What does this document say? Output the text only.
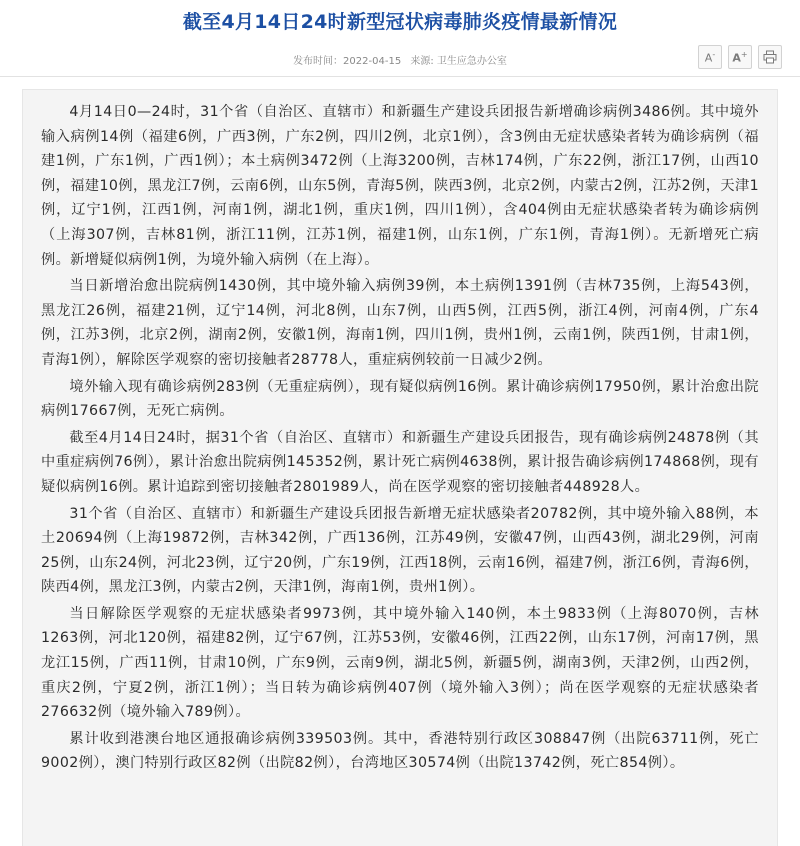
截至4月14日24时新型冠状病毒肺炎疫情最新情况
发布时间：2022-04-15 来源: 卫生应急办公室	A- A+

4月14日0—24时，31个省（自治区、直辖市）和新疆生产建设兵团报告新增确诊病例3486例。其中境外输入病例14例（福建6例，广西3例，广东2例，四川2例，北京1例），含3例由无症状感染者转为确诊病例（福建1例，广东1例，广西1例）；本土病例3472例（上海3200例，吉林174例，广东22例，浙江17例，山西10例，福建10例，黑龙江7例，云南6例，山东5例，青海5例，陕西3例，北京2例，内蒙古2例，江苏2例，天津1例，辽宁1例，江西1例，河南1例，湖北1例，重庆1例，四川1例），含404例由无症状感染者转为确诊病例（上海307例，吉林81例，浙江11例，江苏1例，福建1例，山东1例，广东1例，青海1例）。无新增死亡病例。新增疑似病例1例，为境外输入病例（在上海）。

当日新增治愈出院病例1430例，其中境外输入病例39例，本土病例1391例（吉林735例，上海543例，黑龙江26例，福建21例，辽宁14例，河北8例，山东7例，山西5例，江西5例，浙江4例，河南4例，广东4例，江苏3例，北京2例，湖南2例，安徽1例，海南1例，四川1例，贵州1例，云南1例，陕西1例，甘肃1例，青海1例），解除医学观察的密切接触者28778人，重症病例较前一日减少2例。

境外输入现有确诊病例283例（无重症病例），现有疑似病例16例。累计确诊病例17950例，累计治愈出院病例17667例，无死亡病例。

截至4月14日24时，据31个省（自治区、直辖市）和新疆生产建设兵团报告，现有确诊病例24878例（其中重症病例76例），累计治愈出院病例145352例，累计死亡病例4638例，累计报告确诊病例174868例，现有疑似病例16例。累计追踪到密切接触者2801989人，尚在医学观察的密切接触者448928人。

31个省（自治区、直辖市）和新疆生产建设兵团报告新增无症状感染者20782例，其中境外输入88例，本土20694例（上海19872例，吉林342例，广西136例，江苏49例，安徽47例，山西43例，湖北29例，河南25例，山东24例，河北23例，辽宁20例，广东19例，江西18例，云南16例，福建7例，浙江6例，青海6例，陕西4例，黑龙江3例，内蒙古2例，天津1例，海南1例，贵州1例）。

当日解除医学观察的无症状感染者9973例，其中境外输入140例，本土9833例（上海8070例，吉林1263例，河北120例，福建82例，辽宁67例，江苏53例，安徽46例，江西22例，山东17例，河南17例，黑龙江15例，广西11例，甘肃10例，广东9例，云南9例，湖北5例，新疆5例，湖南3例，天津2例，山西2例，重庆2例，宁夏2例，浙江1例）；当日转为确诊病例407例（境外输入3例）；尚在医学观察的无症状感染者276632例（境外输入789例）。

累计收到港澳台地区通报确诊病例339503例。其中，香港特别行政区308847例（出院63711例，死亡9002例），澳门特别行政区82例（出院82例），台湾地区30574例（出院13742例，死亡854例）。
